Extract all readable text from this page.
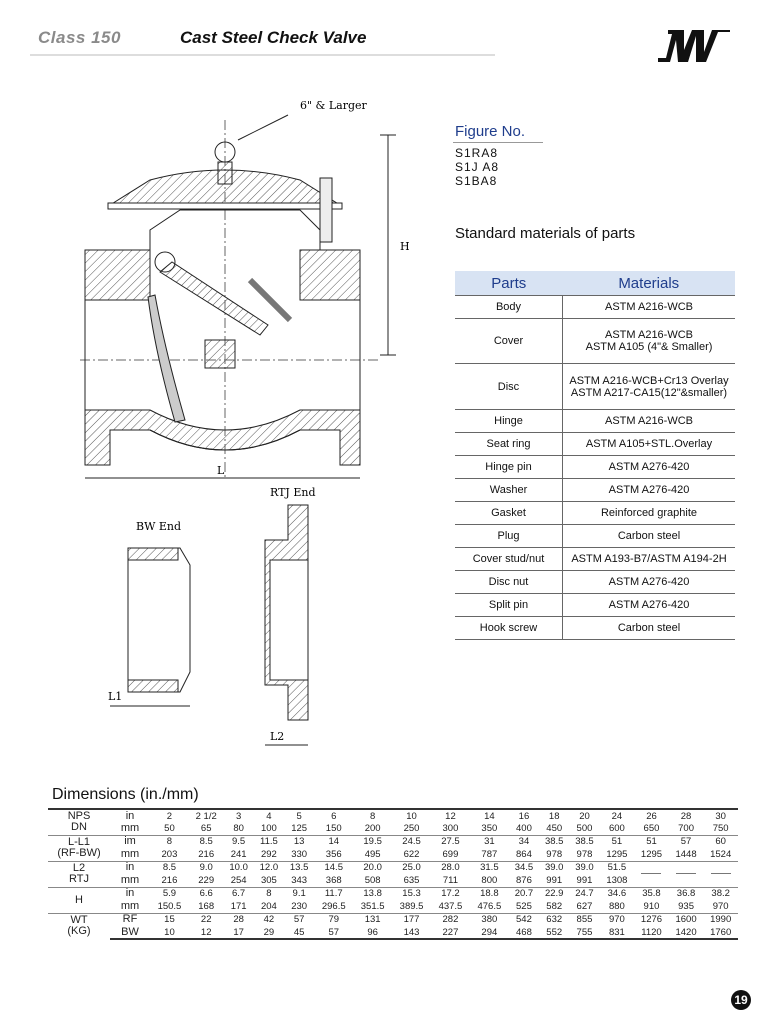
Class 150	Cast Steel Check Valve
6" & Larger
H
L
RTJ End
BW End
L1
L2
Figure No.
S1RA8
S1J A8
S1BA8
Standard materials of parts
Parts	Materials
Body	ASTM A216-WCB
Cover	ASTM A216-WCB
ASTM A105 (4"& Smaller)
Disc	ASTM A216-WCB+Cr13 Overlay
ASTM A217-CA15(12"&smaller)
Hinge	ASTM A216-WCB
Seat ring	ASTM A105+STL.Overlay
Hinge pin	ASTM A276-420
Washer	ASTM A276-420
Gasket	Reinforced graphite
Plug	Carbon steel
Cover stud/nut	ASTM A193-B7/ASTM A194-2H
Disc nut	ASTM A276-420
Split pin	ASTM A276-420
Hook screw	Carbon steel
Dimensions (in./mm)
NPS
DN	in	2	2 1/2	3	4	5	6	8	10	12	14	16	18	20	24	26	28	30
	mm	50	65	80	100	125	150	200	250	300	350	400	450	500	600	650	700	750
L-L1
(RF-BW)	im	8	8.5	9.5	11.5	13	14	19.5	24.5	27.5	31	34	38.5	38.5	51	51	57	60
	mm	203	216	241	292	330	356	495	622	699	787	864	978	978	1295	1295	1448	1524
L2
RTJ	in	8.5	9.0	10.0	12.0	13.5	14.5	20.0	25.0	28.0	31.5	34.5	39.0	39.0	51.5			
	mm	216	229	254	305	343	368	508	635	711	800	876	991	991	1308			
H	in	5.9	6.6	6.7	8	9.1	11.7	13.8	15.3	17.2	18.8	20.7	22.9	24.7	34.6	35.8	36.8	38.2
	mm	150.5	168	171	204	230	296.5	351.5	389.5	437.5	476.5	525	582	627	880	910	935	970
WT
(KG)	RF	15	22	28	42	57	79	131	177	282	380	542	632	855	970	1276	1600	1990
	BW	10	12	17	29	45	57	96	143	227	294	468	552	755	831	1120	1420	1760
19
